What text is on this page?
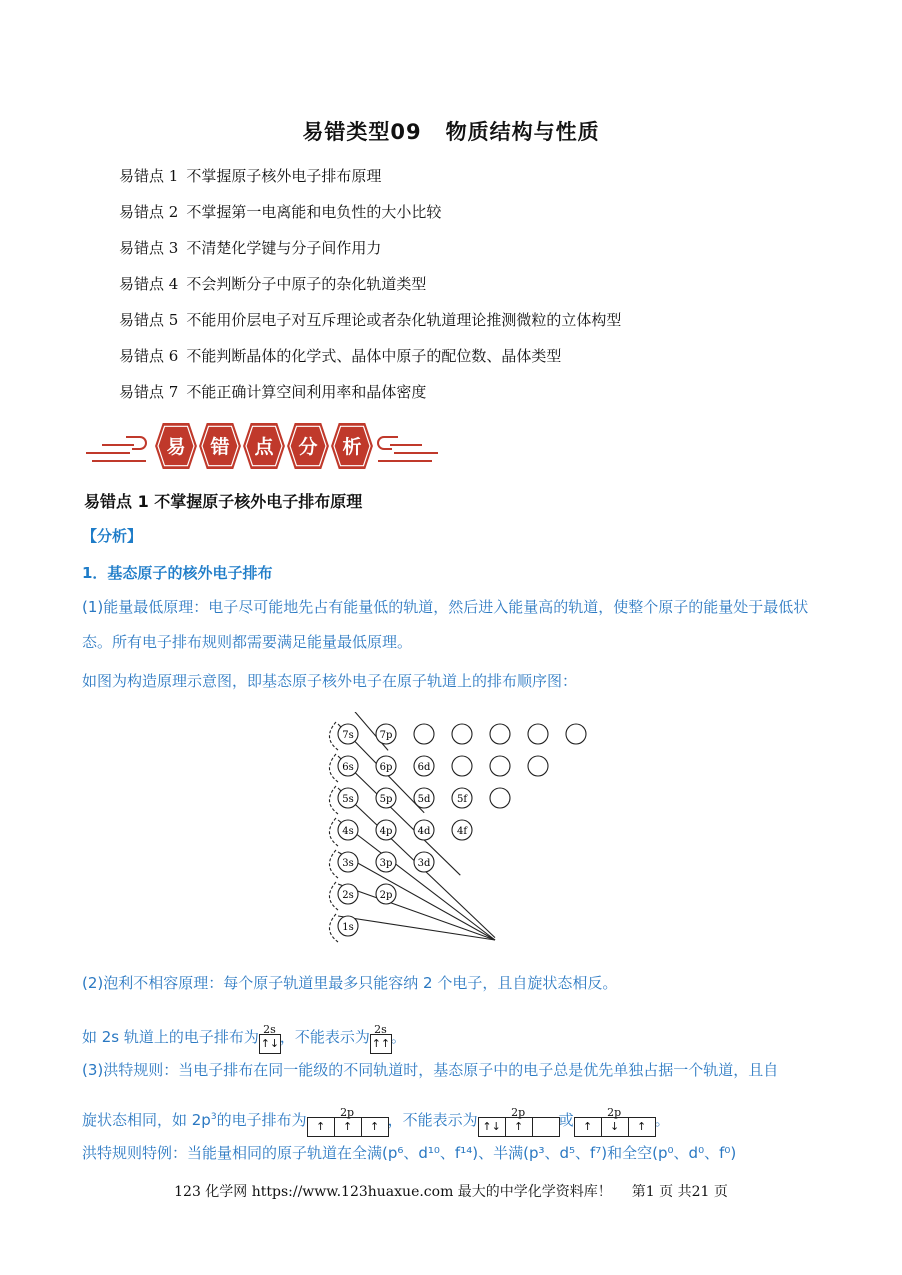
易错类型09 物质结构与性质
易错点 1 不掌握原子核外电子排布原理
易错点 2 不掌握第一电离能和电负性的大小比较
易错点 3 不清楚化学键与分子间作用力
易错点 4 不会判断分子中原子的杂化轨道类型
易错点 5 不能用价层电子对互斥理论或者杂化轨道理论推测微粒的立体构型
易错点 6 不能判断晶体的化学式、晶体中原子的配位数、晶体类型
易错点 7 不能正确计算空间利用率和晶体密度
易 错 点 分 析
易错点 1 不掌握原子核外电子排布原理
【分析】
1．基态原子的核外电子排布
(1)能量最低原理：电子尽可能地先占有能量低的轨道，然后进入能量高的轨道，使整个原子的能量处于最低状态。所有电子排布规则都需要满足能量最低原理。
如图为构造原理示意图，即基态原子核外电子在原子轨道上的排布顺序图：
7s	7p
6s	6p	6d
5s	5p	5d	5f
4s	4p	4d	4f
3s	3p	3d
2s	2p
1s
(2)泡利不相容原理：每个原子轨道里最多只能容纳 2 个电子，且自旋状态相反。
如 2s 轨道上的电子排布为 2s
↑↓，不能表示为 2s
↑↑。
(3)洪特规则：当电子排布在同一能级的不同轨道时，基态原子中的电子总是优先单独占据一个轨道，且自
旋状态相同，如 $2p^3$的电子排布为	2p
↑ ↑ ↑ ，不能表示为	2p
↑↓ ↑ 或	2p
↑ ↓ ↑ 。
洪特规则特例：当能量相同的原子轨道在全满(p⁶、d¹⁰、f¹⁴)、半满(p³、d⁵、f⁷)和全空(p⁰、d⁰、f⁰)
123 化学网 https://www.123huaxue.com 最大的中学化学资料库！ 第1 页 共21 页
